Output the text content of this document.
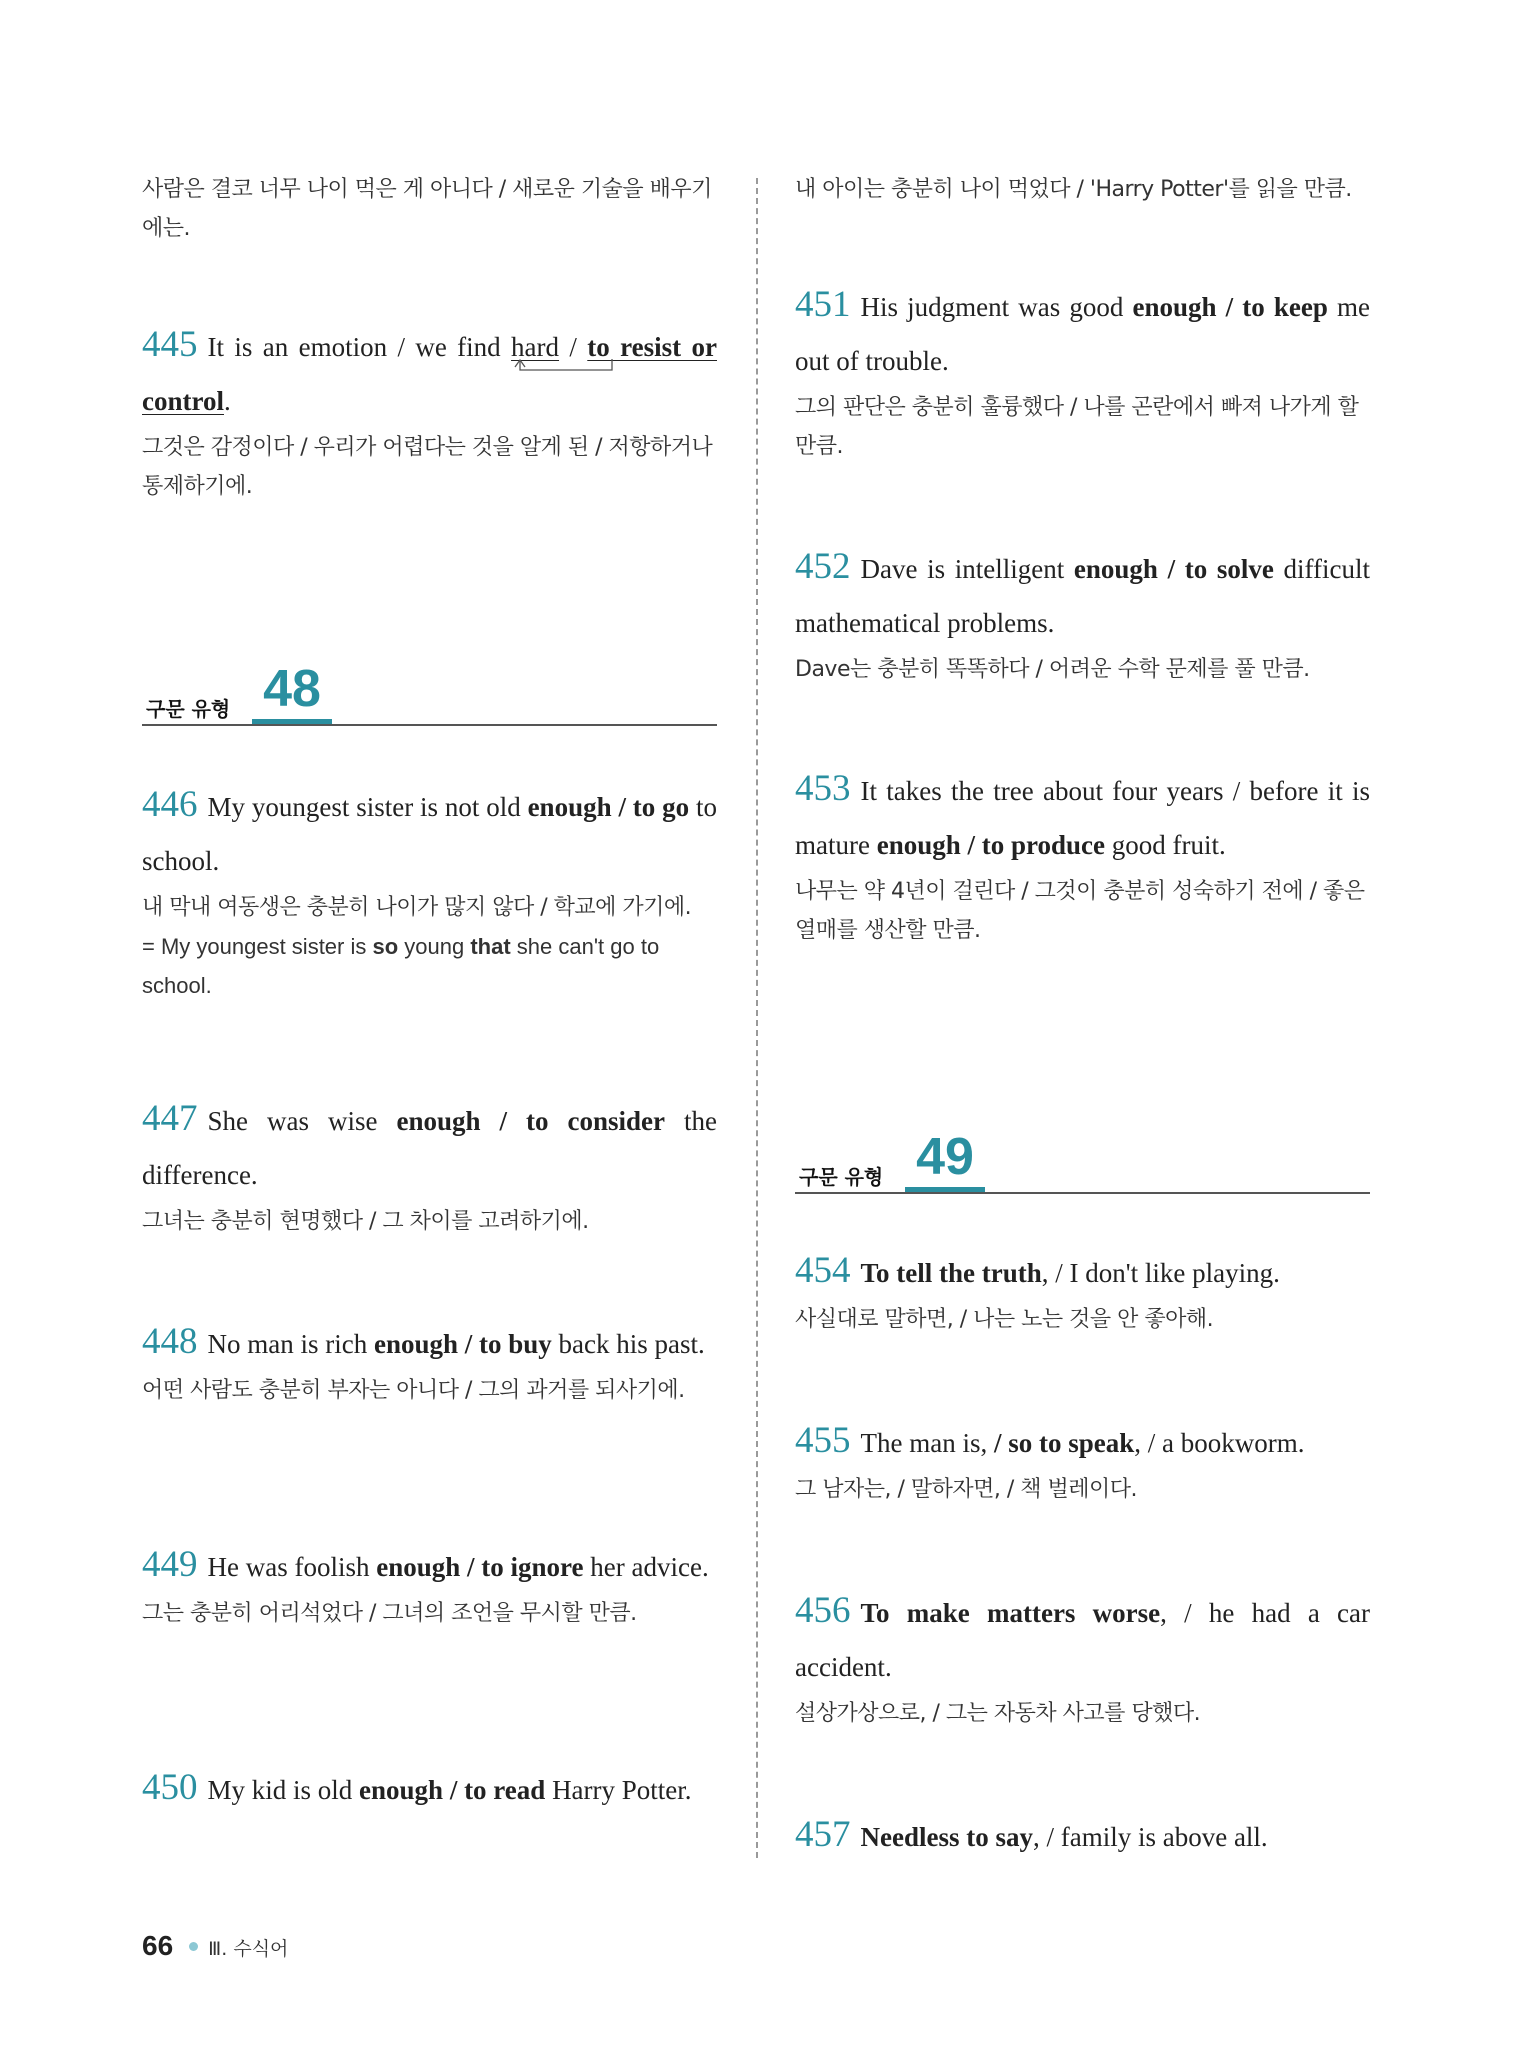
사람은 결코 너무 나이 먹은 게 아니다 / 새로운 기술을 배우기에는.
445 It is an emotion / we find hard / to resist or control.
그것은 감정이다 / 우리가 어렵다는 것을 알게 된 / 저항하거나 통제하기에.
구문 유형 48
446 My youngest sister is not old enough / to go to school.
내 막내 여동생은 충분히 나이가 많지 않다 / 학교에 가기에.
= My youngest sister is so young that she can't go to school.
447 She was wise enough / to consider the difference.
그녀는 충분히 현명했다 / 그 차이를 고려하기에.
448 No man is rich enough / to buy back his past.
어떤 사람도 충분히 부자는 아니다 / 그의 과거를 되사기에.
449 He was foolish enough / to ignore her advice.
그는 충분히 어리석었다 / 그녀의 조언을 무시할 만큼.
450 My kid is old enough / to read Harry Potter.
내 아이는 충분히 나이 먹었다 / 'Harry Potter'를 읽을 만큼.
451 His judgment was good enough / to keep me out of trouble.
그의 판단은 충분히 훌륭했다 / 나를 곤란에서 빠져 나가게 할 만큼.
452 Dave is intelligent enough / to solve difficult mathematical problems.
Dave는 충분히 똑똑하다 / 어려운 수학 문제를 풀 만큼.
453 It takes the tree about four years / before it is mature enough / to produce good fruit.
나무는 약 4년이 걸린다 / 그것이 충분히 성숙하기 전에 / 좋은 열매를 생산할 만큼.
구문 유형 49
454 To tell the truth, / I don't like playing.
사실대로 말하면, / 나는 노는 것을 안 좋아해.
455 The man is, / so to speak, / a bookworm.
그 남자는, / 말하자면, / 책 벌레이다.
456 To make matters worse, / he had a car accident.
설상가상으로, / 그는 자동차 사고를 당했다.
457 Needless to say, / family is above all.
66 Ⅲ. 수식어
